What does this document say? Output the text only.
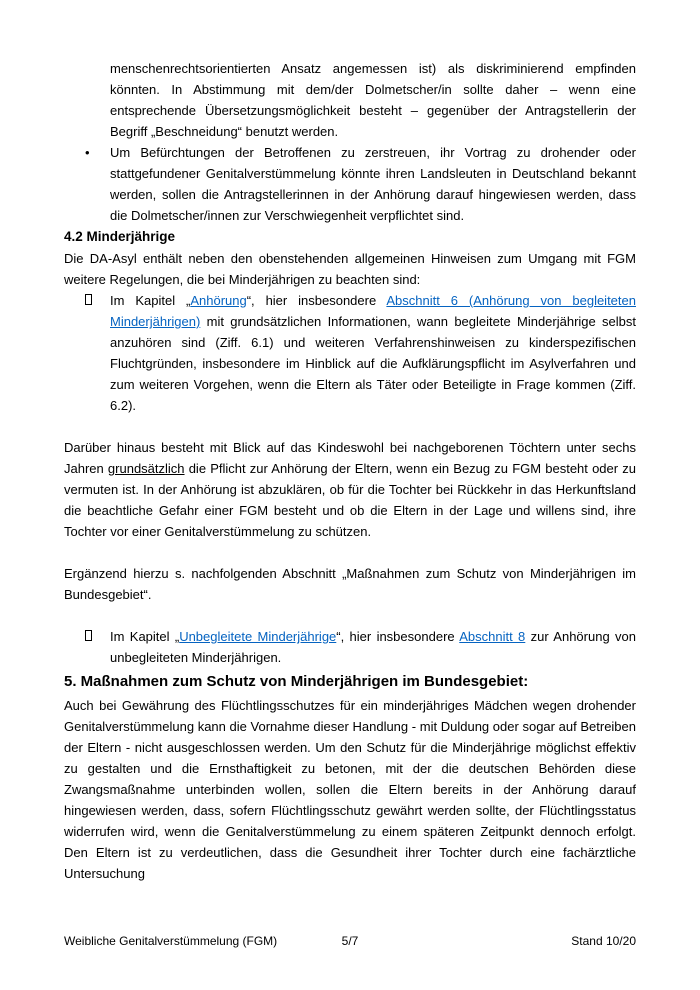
menschenrechtsorientierten Ansatz angemessen ist) als diskriminierend empfinden könnten. In Abstimmung mit dem/der Dolmetscher/in sollte daher – wenn eine entsprechende Übersetzungsmöglichkeit besteht – gegenüber der Antragstellerin der Begriff „Beschneidung“ benutzt werden.
•	Um Befürchtungen der Betroffenen zu zerstreuen, ihr Vortrag zu drohender oder stattgefundener Genitalverstümmelung könnte ihren Landsleuten in Deutschland bekannt werden, sollen die Antragstellerinnen in der Anhörung darauf hingewiesen werden, dass die Dolmetscher/innen zur Verschwiegenheit verpflichtet sind.
4.2 Minderjährige
Die DA-Asyl enthält neben den obenstehenden allgemeinen Hinweisen zum Umgang mit FGM weitere Regelungen, die bei Minderjährigen zu beachten sind:
Im Kapitel „Anhörung“, hier insbesondere Abschnitt 6 (Anhörung von begleiteten Minderjährigen) mit grundsätzlichen Informationen, wann begleitete Minderjährige selbst anzuhören sind (Ziff. 6.1) und weiteren Verfahrenshinweisen zu kinderspezifischen Fluchtgründen, insbesondere im Hinblick auf die Aufklärungspflicht im Asylverfahren und zum weiteren Vorgehen, wenn die Eltern als Täter oder Beteiligte in Frage kommen (Ziff. 6.2).
Darüber hinaus besteht mit Blick auf das Kindeswohl bei nachgeborenen Töchtern unter sechs Jahren grundsätzlich die Pflicht zur Anhörung der Eltern, wenn ein Bezug zu FGM besteht oder zu vermuten ist. In der Anhörung ist abzuklären, ob für die Tochter bei Rückkehr in das Herkunftsland die beachtliche Gefahr einer FGM besteht und ob die Eltern in der Lage und willens sind, ihre Tochter vor einer Genitalverstümmelung zu schützen.
Ergänzend hierzu s. nachfolgenden Abschnitt „Maßnahmen zum Schutz von Minderjährigen im Bundesgebiet“.
Im Kapitel „Unbegleitete Minderjährige“, hier insbesondere Abschnitt 8 zur Anhörung von unbegleiteten Minderjährigen.
5. Maßnahmen zum Schutz von Minderjährigen im Bundesgebiet:
Auch bei Gewährung des Flüchtlingsschutzes für ein minderjähriges Mädchen wegen drohender Genitalverstümmelung kann die Vornahme dieser Handlung - mit Duldung oder sogar auf Betreiben der Eltern - nicht ausgeschlossen werden. Um den Schutz für die Minderjährige möglichst effektiv zu gestalten und die Ernsthaftigkeit zu betonen, mit der die deutschen Behörden diese Zwangsmaßnahme unterbinden wollen, sollen die Eltern bereits in der Anhörung darauf hingewiesen werden, dass, sofern Flüchtlingsschutz gewährt werden sollte, der Flüchtlingsstatus widerrufen wird, wenn die Genitalverstümmelung zu einem späteren Zeitpunkt dennoch erfolgt. Den Eltern ist zu verdeutlichen, dass die Gesundheit ihrer Tochter durch eine fachärztliche Untersuchung
Weibliche Genitalverstümmelung (FGM)	5/7	Stand 10/20
